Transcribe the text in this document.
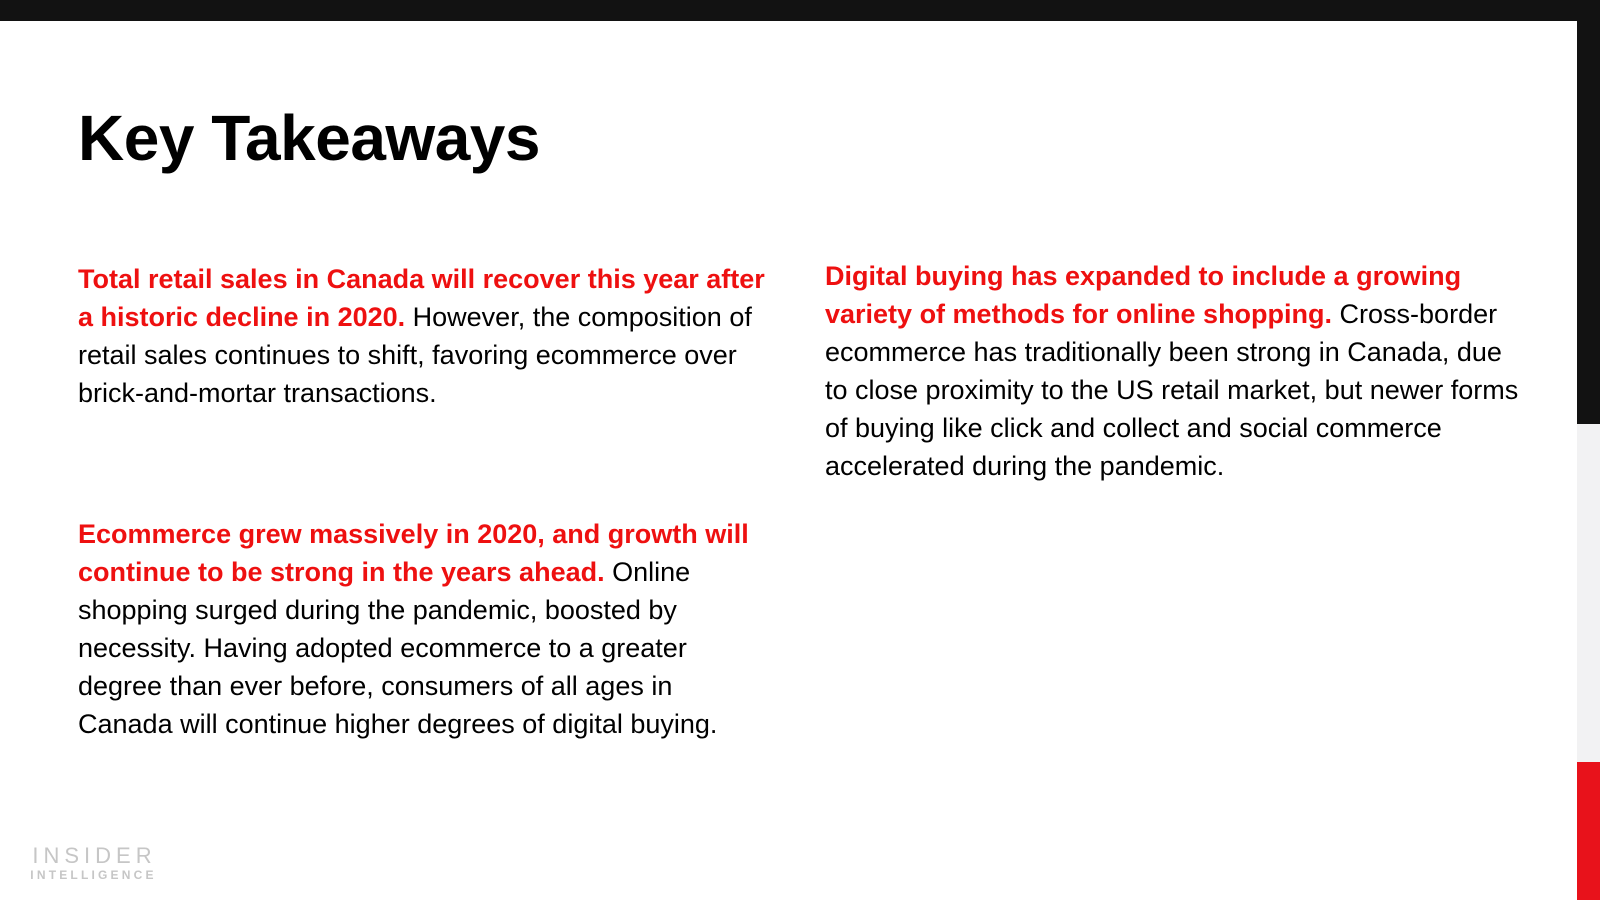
Key Takeaways

Total retail sales in Canada will recover this year after a historic decline in 2020. However, the composition of retail sales continues to shift, favoring ecommerce over brick-and-mortar transactions.

Ecommerce grew massively in 2020, and growth will continue to be strong in the years ahead. Online shopping surged during the pandemic, boosted by necessity. Having adopted ecommerce to a greater degree than ever before, consumers of all ages in Canada will continue higher degrees of digital buying.

Digital buying has expanded to include a growing variety of methods for online shopping. Cross-border ecommerce has traditionally been strong in Canada, due to close proximity to the US retail market, but newer forms of buying like click and collect and social commerce accelerated during the pandemic.

INSIDER
INTELLIGENCE
